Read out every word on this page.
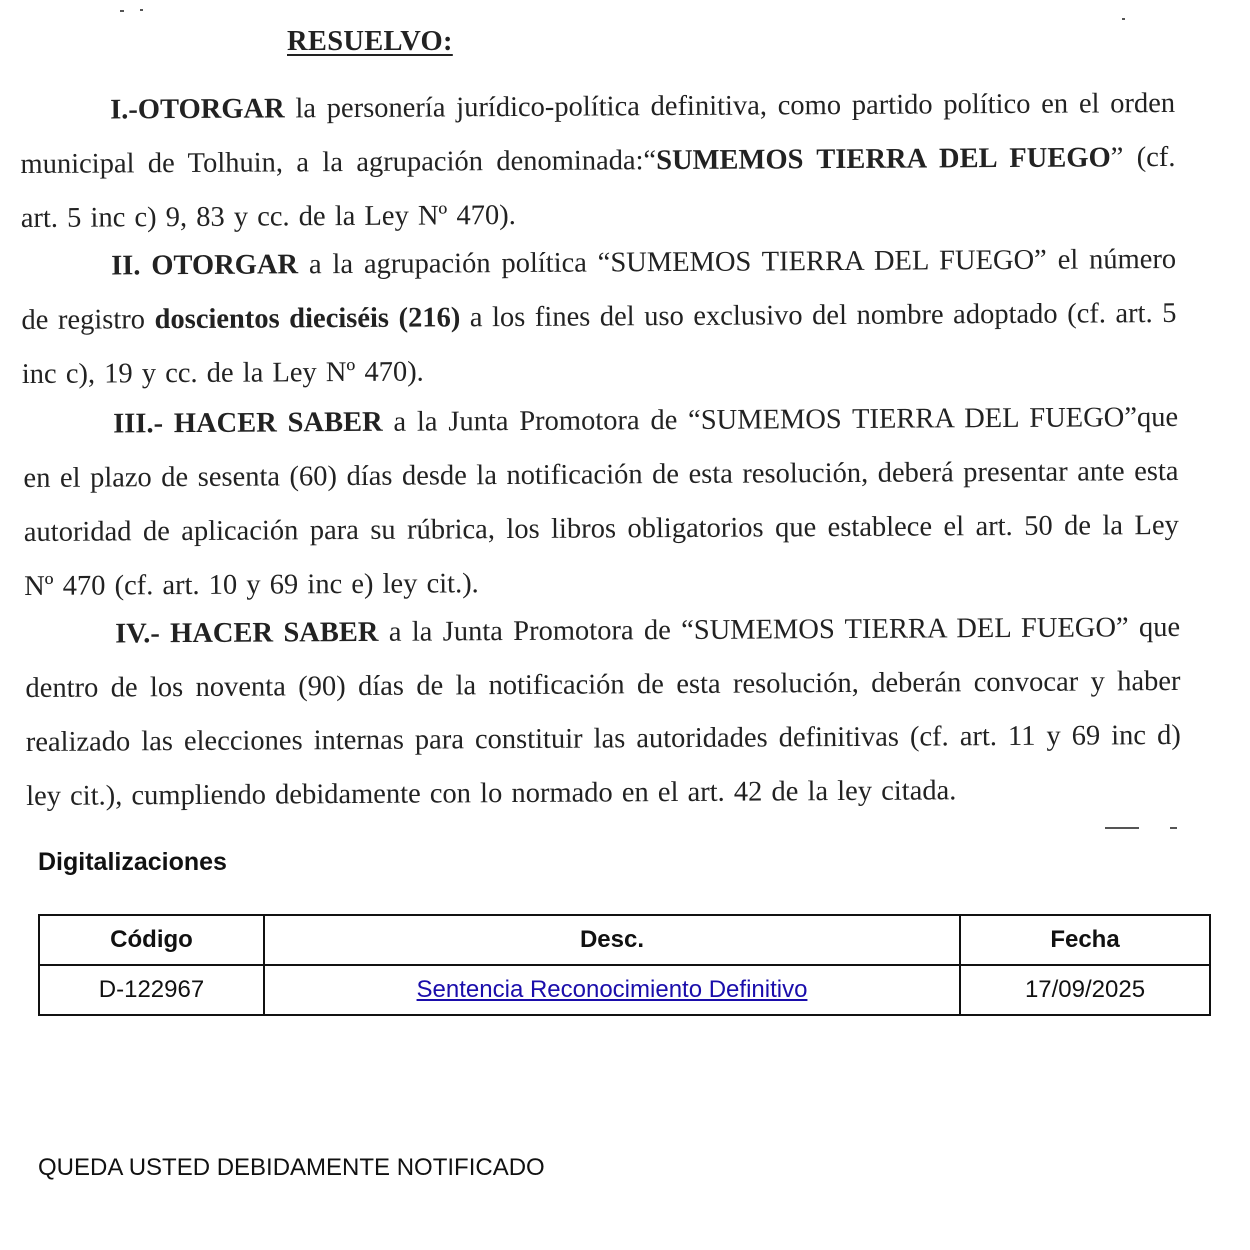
RESUELVO:

I.-OTORGAR la personería jurídico-política definitiva, como partido político en el orden municipal de Tolhuin, a la agrupación denominada:“SUMEMOS TIERRA DEL FUEGO” (cf. art. 5 inc c) 9, 83 y cc. de la Ley Nº 470).

II. OTORGAR a la agrupación política “SUMEMOS TIERRA DEL FUEGO” el número de registro doscientos dieciséis (216) a los fines del uso exclusivo del nombre adoptado (cf. art. 5 inc c), 19 y cc. de la Ley Nº 470).

III.- HACER SABER a la Junta Promotora de “SUMEMOS TIERRA DEL FUEGO”que en el plazo de sesenta (60) días desde la notificación de esta resolución, deberá presentar ante esta autoridad de aplicación para su rúbrica, los libros obligatorios que establece el art. 50 de la Ley Nº 470 (cf. art. 10 y 69 inc e) ley cit.).

IV.- HACER SABER a la Junta Promotora de “SUMEMOS TIERRA DEL FUEGO” que dentro de los noventa (90) días de la notificación de esta resolución, deberán convocar y haber realizado las elecciones internas para constituir las autoridades definitivas (cf. art. 11 y 69 inc d) ley cit.), cumpliendo debidamente con lo normado en el art. 42 de la ley citada.

Digitalizaciones
Código	Desc.	Fecha
D-122967	Sentencia Reconocimiento Definitivo	17/09/2025
QUEDA USTED DEBIDAMENTE NOTIFICADO
